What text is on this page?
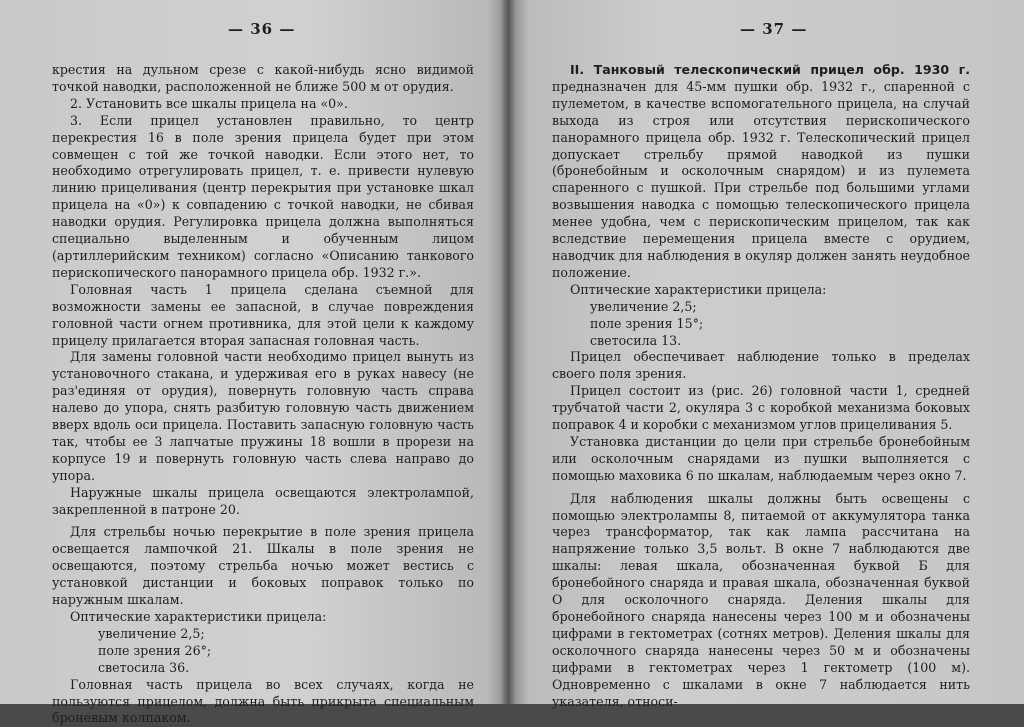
— 36 —

крестия на дульном срезе с какой-нибудь ясно видимой точкой наводки, расположенной не ближе 500 м от орудия.

2. Установить все шкалы прицела на «0».

3. Если прицел установлен правильно, то центр перекрестия 16 в поле зрения прицела будет при этом совмещен с той же точкой наводки. Если этого нет, то необходимо отрегулировать прицел, т. е. привести нулевую линию прицеливания (центр перекрытия при установке шкал прицела на «0») к совпадению с точкой наводки, не сбивая наводки орудия. Регулировка прицела должна выполняться специально выделенным и обученным лицом (артиллерийским техником) согласно «Описанию танкового перископического панорамного прицела обр. 1932 г.».

Головная часть 1 прицела сделана съемной для возможности замены ее запасной, в случае повреждения головной части огнем противника, для этой цели к каждому прицелу прилагается вторая запасная головная часть.

Для замены головной части необходимо прицел вынуть из установочного стакана, и удерживая его в руках навесу (не раз'единяя от орудия), повернуть головную часть справа налево до упора, снять разбитую головную часть движением вверх вдоль оси прицела. Поставить запасную головную часть так, чтобы ее 3 лапчатые пружины 18 вошли в прорези на корпусе 19 и повернуть головную часть слева направо до упора.

Наружные шкалы прицела освещаются электролампой, закрепленной в патроне 20.

Для стрельбы ночью перекрытие в поле зрения прицела освещается лампочкой 21. Шкалы в поле зрения не освещаются, поэтому стрельба ночью может вестись с установкой дистанции и боковых поправок только по наружным шкалам.

Оптические характеристики прицела:

увеличение 2,5;

поле зрения 26°;

светосила 36.

Головная часть прицела во всех случаях, когда не пользуются прицелом, должна быть прикрыта специальным броневым колпаком.

— 37 —

II. Танковый телескопический прицел обр. 1930 г. предназначен для 45-мм пушки обр. 1932 г., спаренной с пулеметом, в качестве вспомогательного прицела, на случай выхода из строя или отсутствия перископического панорамного прицела обр. 1932 г. Телескопический прицел допускает стрельбу прямой наводкой из пушки (бронебойным и осколочным снарядом) и из пулемета спаренного с пушкой. При стрельбе под большими углами возвышения наводка с помощью телескопического прицела менее удобна, чем с перископическим прицелом, так как вследствие перемещения прицела вместе с орудием, наводчик для наблюдения в окуляр должен занять неудобное положение.

Оптические характеристики прицела:

увеличение 2,5;

поле зрения 15°;

светосила 13.

Прицел обеспечивает наблюдение только в пределах своего поля зрения.

Прицел состоит из (рис. 26) головной части 1, средней трубчатой части 2, окуляра 3 с коробкой механизма боковых поправок 4 и коробки с механизмом углов прицеливания 5.

Установка дистанции до цели при стрельбе бронебойным или осколочным снарядами из пушки выполняется с помощью маховика 6 по шкалам, наблюдаемым через окно 7.

Для наблюдения шкалы должны быть освещены с помощью электролампы 8, питаемой от аккумулятора танка через трансформатор, так как лампа рассчитана на напряжение только 3,5 вольт. В окне 7 наблюдаются две шкалы: левая шкала, обозначенная буквой Б для бронебойного снаряда и правая шкала, обозначенная буквой О для осколочного снаряда. Деления шкалы для бронебойного снаряда нанесены через 100 м и обозначены цифрами в гектометрах (сотнях метров). Деления шкалы для осколочного снаряда нанесены через 50 м и обозначены цифрами в гектометрах через 1 гектометр (100 м). Одновременно с шкалами в окне 7 наблюдается нить указателя, относи-
